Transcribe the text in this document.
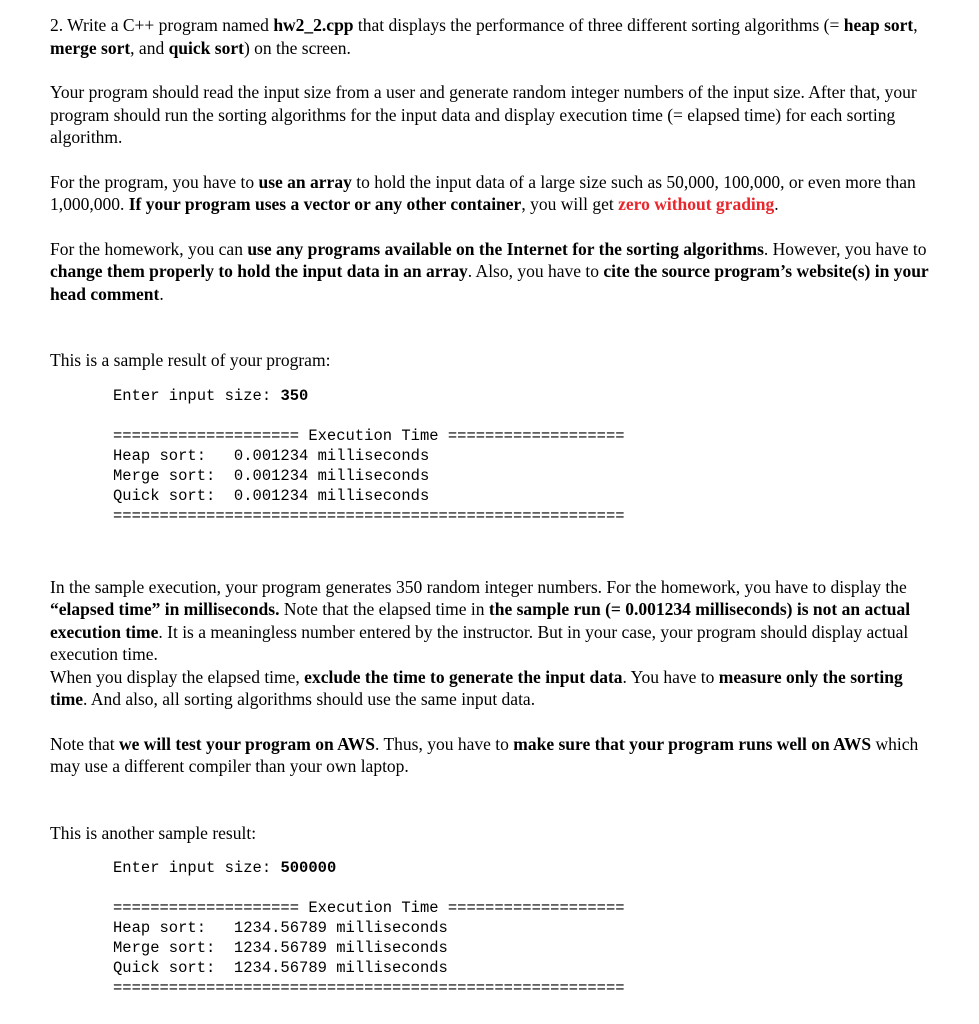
2. Write a C++ program named hw2_2.cpp that displays the performance of three different sorting algorithms (= heap sort, merge sort, and quick sort) on the screen.

Your program should read the input size from a user and generate random integer numbers of the input size. After that, your program should run the sorting algorithms for the input data and display execution time (= elapsed time) for each sorting algorithm.

For the program, you have to use an array to hold the input data of a large size such as 50,000, 100,000, or even more than 1,000,000. If your program uses a vector or any other container, you will get zero without grading.

For the homework, you can use any programs available on the Internet for the sorting algorithms. However, you have to change them properly to hold the input data in an array. Also, you have to cite the source program’s website(s) in your head comment.

This is a sample result of your program:

Enter input size: 350
==================== Execution Time ===================
Heap sort:   0.001234 milliseconds
Merge sort:  0.001234 milliseconds
Quick sort:  0.001234 milliseconds
=======================================================

In the sample execution, your program generates 350 random integer numbers. For the homework, you have to display the “elapsed time” in milliseconds. Note that the elapsed time in the sample run (= 0.001234 milliseconds) is not an actual execution time. It is a meaningless number entered by the instructor. But in your case, your program should display actual execution time.

When you display the elapsed time, exclude the time to generate the input data. You have to measure only the sorting time. And also, all sorting algorithms should use the same input data.

Note that we will test your program on AWS. Thus, you have to make sure that your program runs well on AWS which may use a different compiler than your own laptop.

This is another sample result:

Enter input size: 500000
==================== Execution Time ===================
Heap sort:   1234.56789 milliseconds
Merge sort:  1234.56789 milliseconds
Quick sort:  1234.56789 milliseconds
=======================================================
